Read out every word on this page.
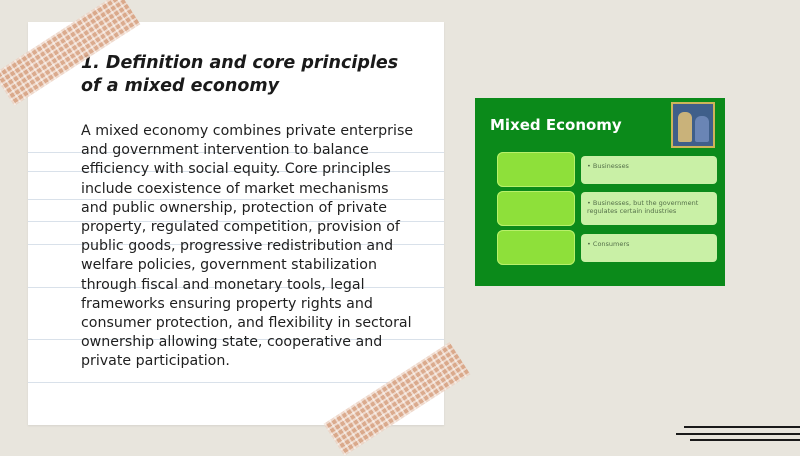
1. Definition and core principles of a mixed economy

A mixed economy combines private enterprise and government intervention to balance efficiency with social equity. Core principles include coexistence of market mechanisms and public ownership, protection of private property, regulated competition, provision of public goods, progressive redistribution and welfare policies, government stabilization through fiscal and monetary tools, legal frameworks ensuring property rights and consumer protection, and flexibility in sectoral ownership allowing state, cooperative and private participation.

Mixed Economy
• Businesses
• Businesses, but the government regulates certain industries
• Consumers
